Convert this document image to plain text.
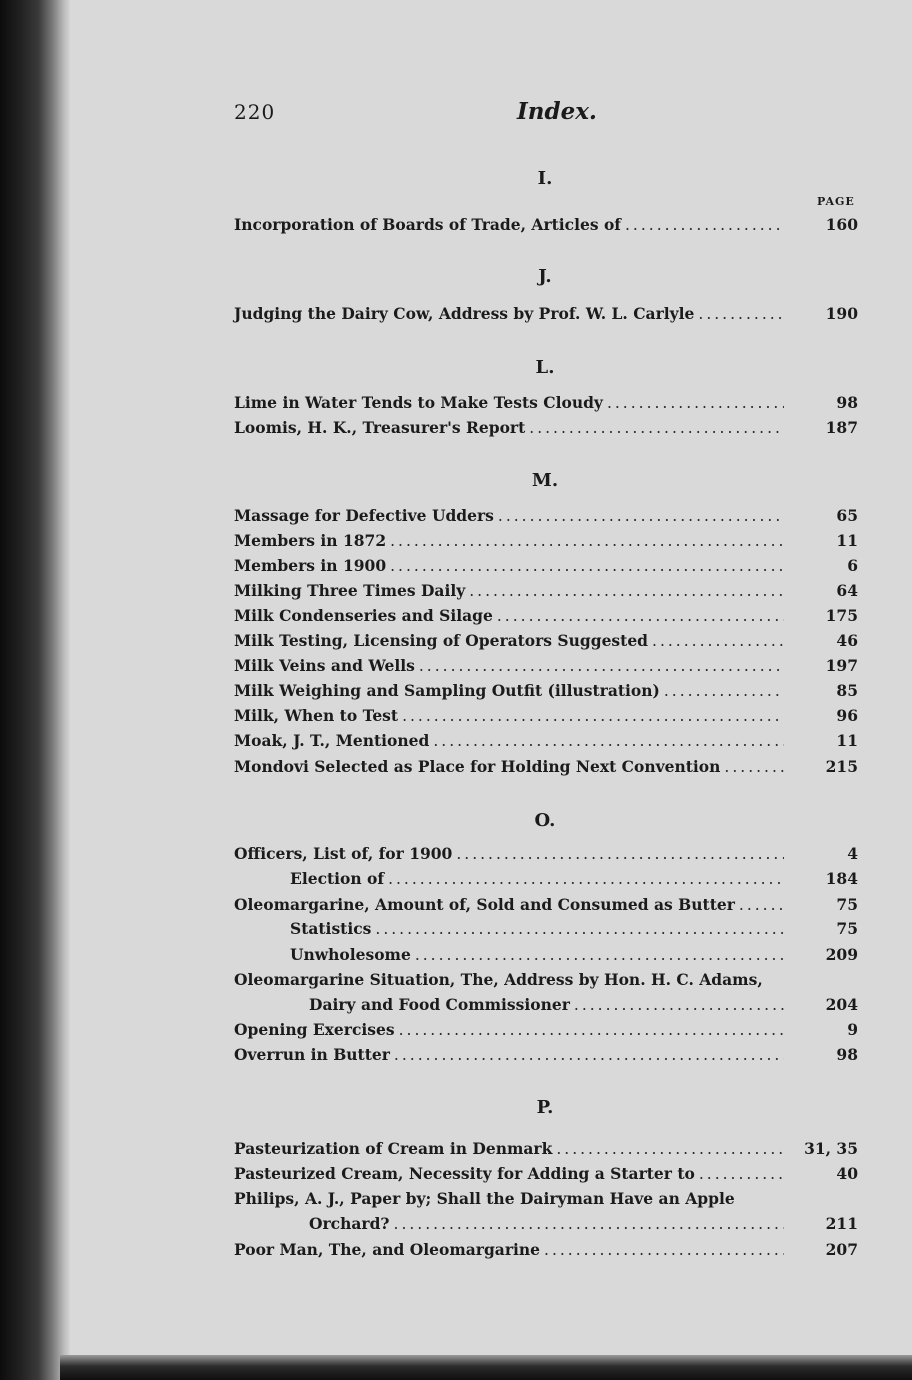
220	Index.
I.
PAGE
Incorporation of Boards of Trade, Articles of .....	160
J.
Judging the Dairy Cow, Address by Prof. W. L. Carlyle .....	190
L.
Lime in Water Tends to Make Tests Cloudy .....	98
Loomis, H. K., Treasurer's Report .....	187
M.
Massage for Defective Udders .....	65
Members in 1872 .....	11
Members in 1900 .....	6
Milking Three Times Daily .....	64
Milk Condenseries and Silage .....	175
Milk Testing, Licensing of Operators Suggested .....	46
Milk Veins and Wells .....	197
Milk Weighing and Sampling Outfit (illustration) .....	85
Milk, When to Test .....	96
Moak, J. T., Mentioned .....	11
Mondovi Selected as Place for Holding Next Convention .....	215
O.
Officers, List of, for 1900 .....	4
Election of .....	184
Oleomargarine, Amount of, Sold and Consumed as Butter .....	75
Statistics .....	75
Unwholesome .....	209
Oleomargarine Situation, The, Address by Hon. H. C. Adams,
Dairy and Food Commissioner .....	204
Opening Exercises .....	9
Overrun in Butter .....	98
P.
Pasteurization of Cream in Denmark .....	31, 35
Pasteurized Cream, Necessity for Adding a Starter to .....	40
Philips, A. J., Paper by; Shall the Dairyman Have an Apple
Orchard? .....	211
Poor Man, The, and Oleomargarine .....	207
